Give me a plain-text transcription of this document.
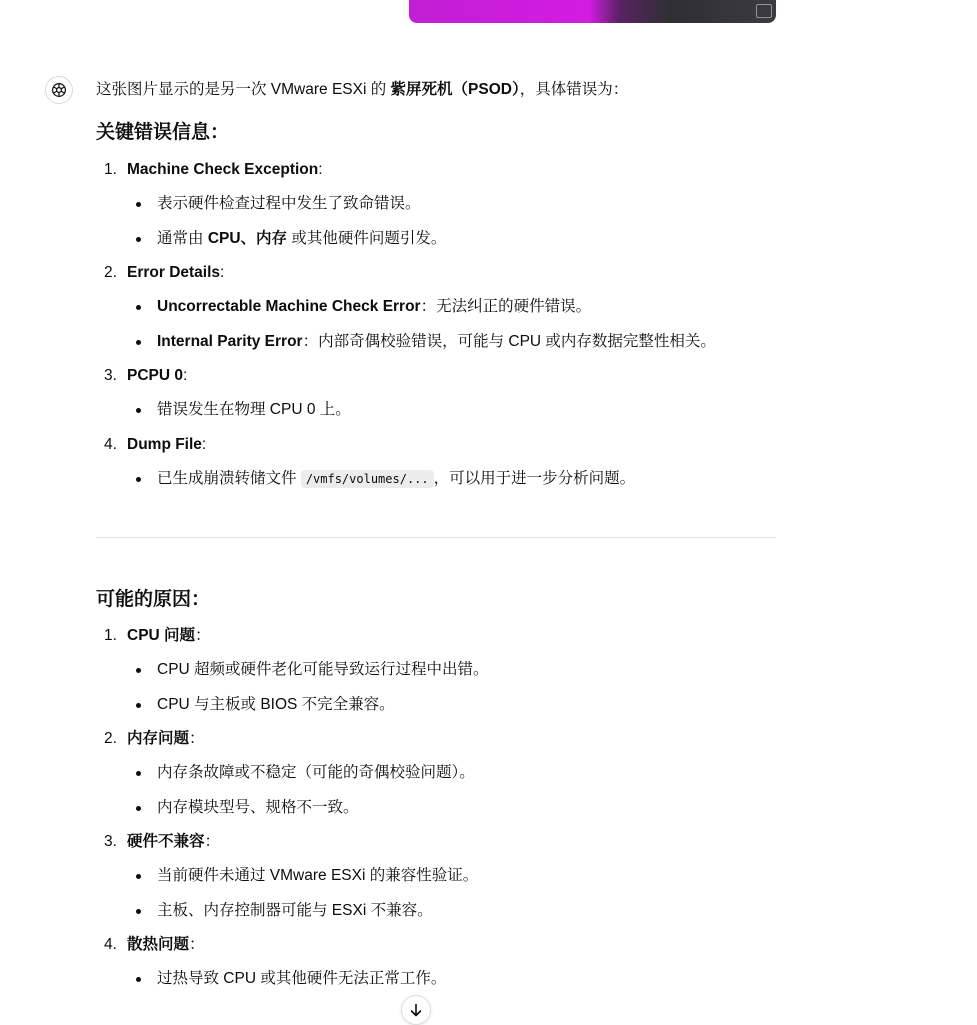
这张图片显示的是另一次 VMware ESXi 的 紫屏死机（PSOD），具体错误为：

关键错误信息：
1. Machine Check Exception:
表示硬件检查过程中发生了致命错误。
通常由 CPU、内存 或其他硬件问题引发。
2. Error Details:
Uncorrectable Machine Check Error：无法纠正的硬件错误。
Internal Parity Error：内部奇偶校验错误，可能与 CPU 或内存数据完整性相关。
3. PCPU 0:
错误发生在物理 CPU 0 上。
4. Dump File:
已生成崩溃转储文件 /vmfs/volumes/... ，可以用于进一步分析问题。
可能的原因：
1. CPU 问题：
CPU 超频或硬件老化可能导致运行过程中出错。
CPU 与主板或 BIOS 不完全兼容。
2. 内存问题：
内存条故障或不稳定（可能的奇偶校验问题）。
内存模块型号、规格不一致。
3. 硬件不兼容：
当前硬件未通过 VMware ESXi 的兼容性验证。
主板、内存控制器可能与 ESXi 不兼容。
4. 散热问题：
过热导致 CPU 或其他硬件无法正常工作。
